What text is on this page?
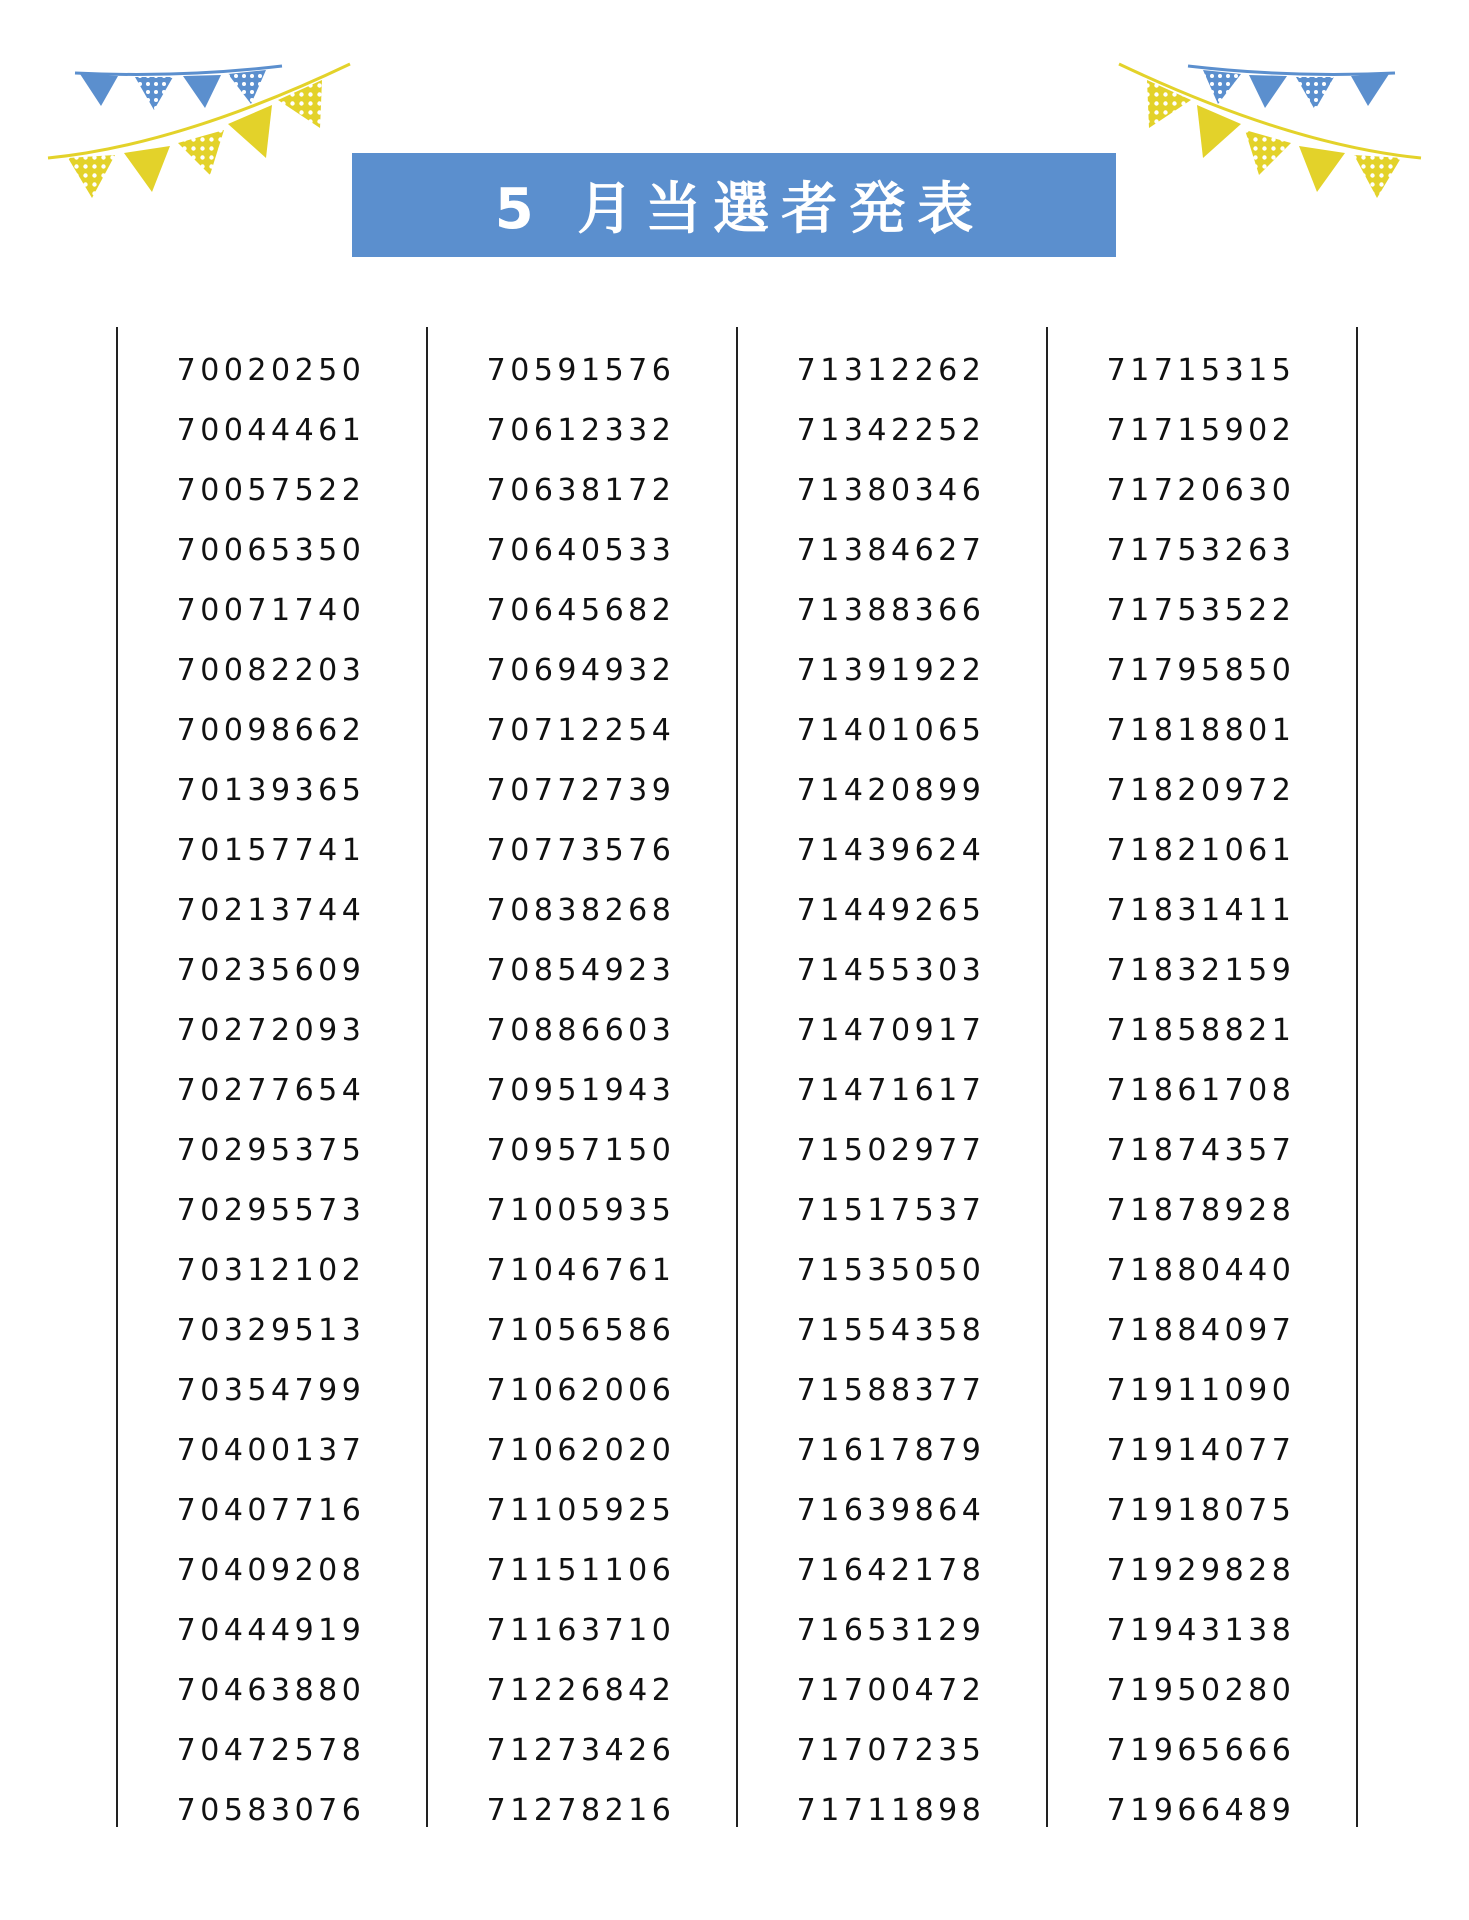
5 月当選者発表
70020250
70044461
70057522
70065350
70071740
70082203
70098662
70139365
70157741
70213744
70235609
70272093
70277654
70295375
70295573
70312102
70329513
70354799
70400137
70407716
70409208
70444919
70463880
70472578
70583076
70591576
70612332
70638172
70640533
70645682
70694932
70712254
70772739
70773576
70838268
70854923
70886603
70951943
70957150
71005935
71046761
71056586
71062006
71062020
71105925
71151106
71163710
71226842
71273426
71278216
71312262
71342252
71380346
71384627
71388366
71391922
71401065
71420899
71439624
71449265
71455303
71470917
71471617
71502977
71517537
71535050
71554358
71588377
71617879
71639864
71642178
71653129
71700472
71707235
71711898
71715315
71715902
71720630
71753263
71753522
71795850
71818801
71820972
71821061
71831411
71832159
71858821
71861708
71874357
71878928
71880440
71884097
71911090
71914077
71918075
71929828
71943138
71950280
71965666
71966489
